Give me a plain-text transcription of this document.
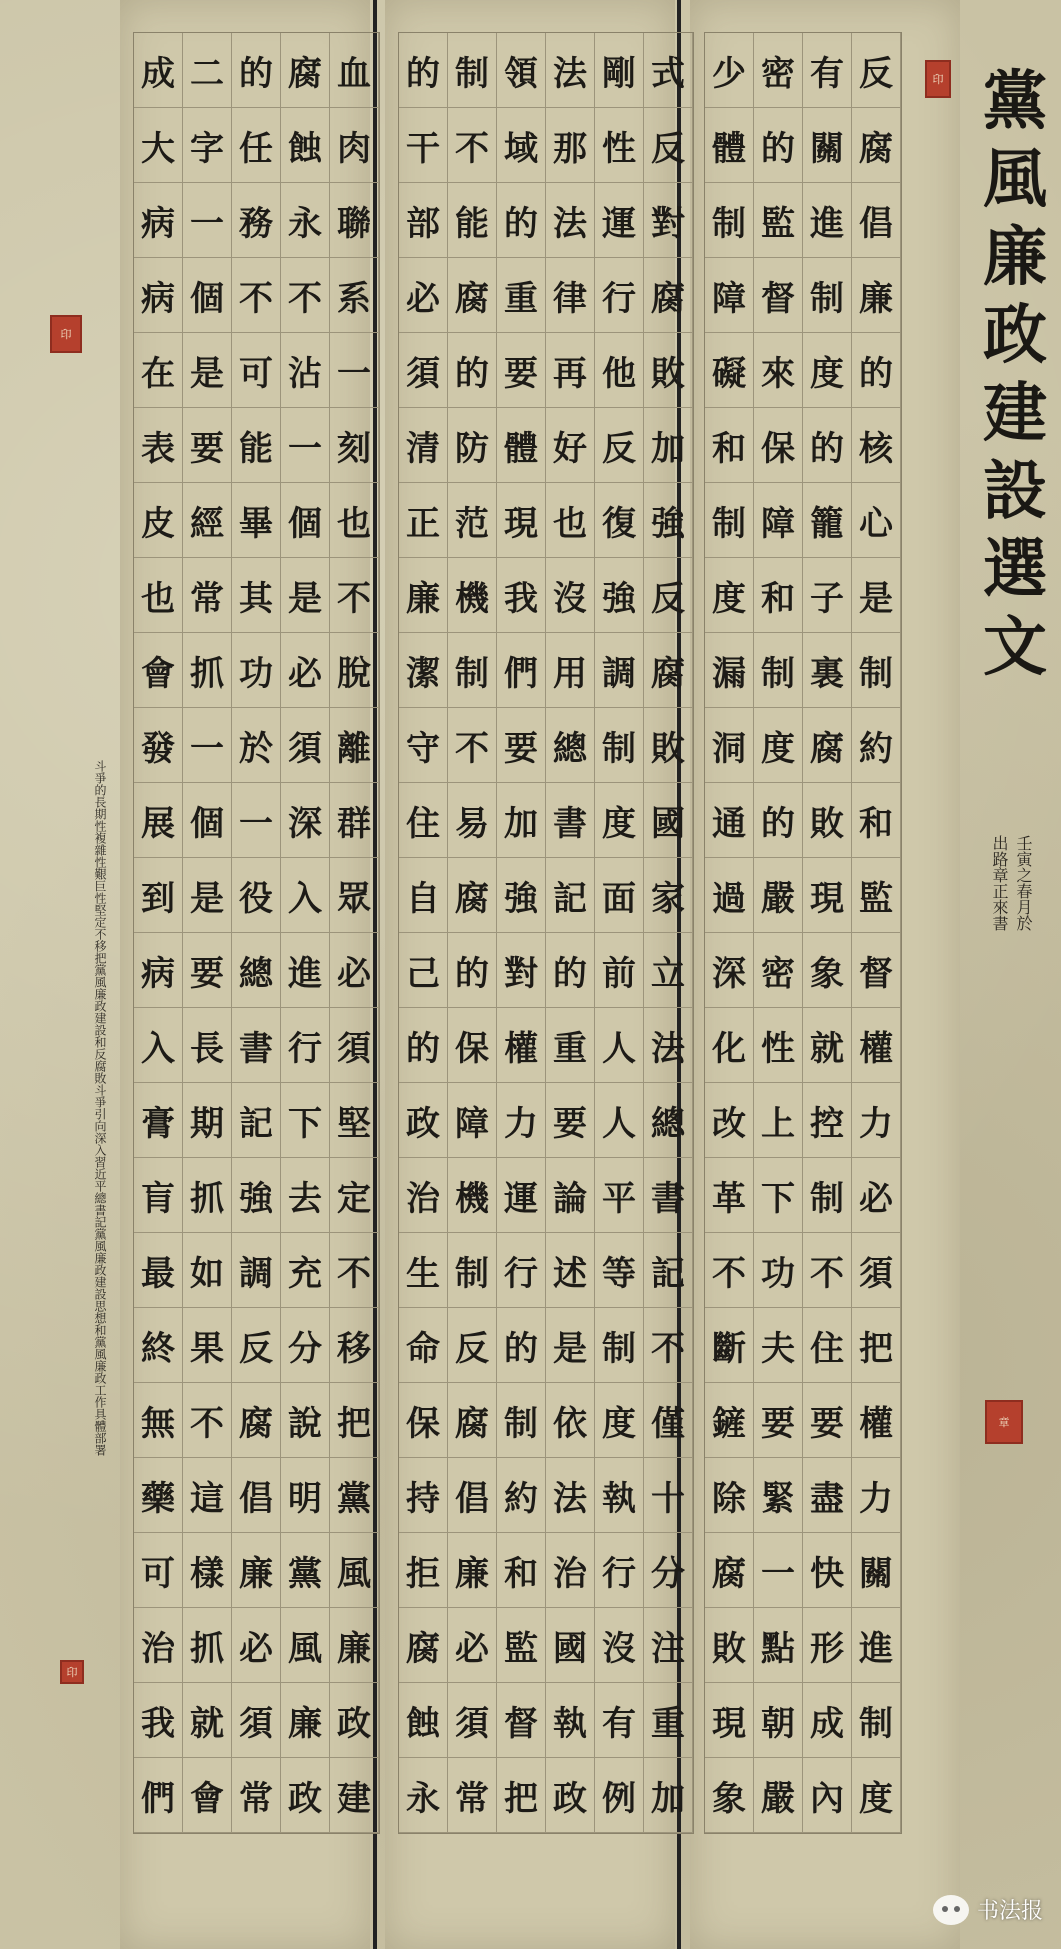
反
腐
倡
廉
的
核
心
是
制
約
和
監
督
權
力
必
須
把
權
力
關
進
制
度
有
關
進
制
度
的
籠
子
裏
腐
敗
現
象
就
控
制
不
住
要
盡
快
形
成
內
密
的
監
督
來
保
障
和
制
度
的
嚴
密
性
上
下
功
夫
要
緊
一
點
朝
嚴
少
體
制
障
礙
和
制
度
漏
洞
通
過
深
化
改
革
不
斷
鏟
除
腐
敗
現
象
式
反
對
腐
敗
加
強
反
腐
敗
國
家
立
法
總
書
記
不
僅
十
分
注
重
加
剛
性
運
行
他
反
復
強
調
制
度
面
前
人
人
平
等
制
度
執
行
沒
有
例
法
那
法
律
再
好
也
沒
用
總
書
記
的
重
要
論
述
是
依
法
治
國
執
政
領
域
的
重
要
體
現
我
們
要
加
強
對
權
力
運
行
的
制
約
和
監
督
把
制
不
能
腐
的
防
范
機
制
不
易
腐
的
保
障
機
制
反
腐
倡
廉
必
須
常
的
干
部
必
須
清
正
廉
潔
守
住
自
己
的
政
治
生
命
保
持
拒
腐
蝕
永
血
肉
聯
系
一
刻
也
不
脫
離
群
眾
必
須
堅
定
不
移
把
黨
風
廉
政
建
腐
蝕
永
不
沾
一
個
是
必
須
深
入
進
行
下
去
充
分
說
明
黨
風
廉
政
的
任
務
不
可
能
畢
其
功
於
一
役
總
書
記
強
調
反
腐
倡
廉
必
須
常
二
字
一
個
是
要
經
常
抓
一
個
是
要
長
期
抓
如
果
不
這
樣
抓
就
會
成
大
病
病
在
表
皮
也
會
發
展
到
病
入
膏
肓
最
終
無
藥
可
治
我
們
黨
風
廉
政
建
設
選
文
壬寅之春月於出路章正來書
印
章
印
印
斗爭的長期性複雜性艱巨性堅定不移把黨風廉政建設和反腐敗斗爭引向深入習近平總書記黨風廉政建設思想和黨風廉政工作具體部署
书法报
